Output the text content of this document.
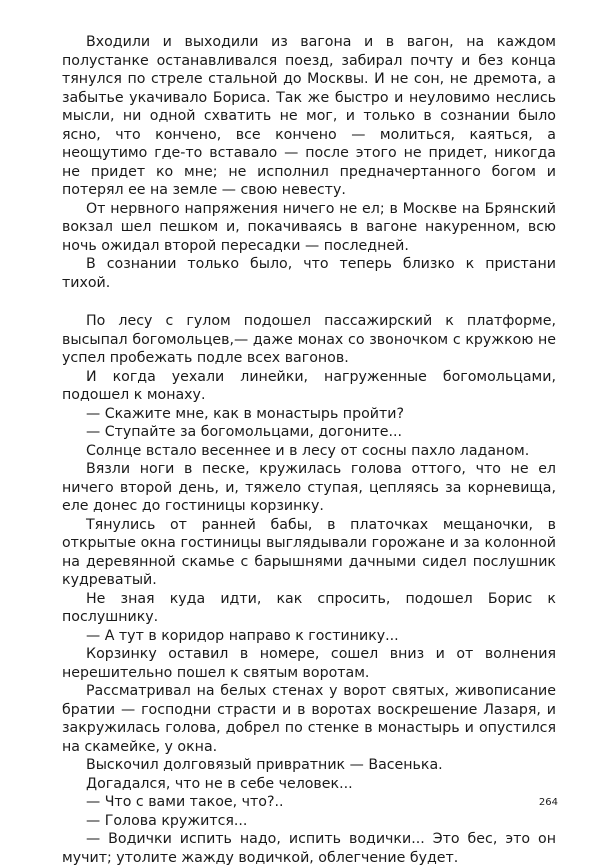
Входили и выходили из вагона и в вагон, на каждом полустанке останавливался поезд, забирал почту и без конца тянулся по стреле стальной до Москвы. И не сон, не дремота, а забытье укачивало Бориса. Так же быстро и неуловимо неслись мысли, ни одной схватить не мог, и только в сознании было ясно, что кончено, все кончено — молиться, каяться, а неощутимо где-то вставало — после этого не придет, никогда не придет ко мне; не исполнил предначертанного богом и потерял ее на земле — свою невесту.

От нервного напряжения ничего не ел; в Москве на Брянский вокзал шел пешком и, покачиваясь в вагоне накуренном, всю ночь ожидал второй пересадки — последней.

В сознании только было, что теперь близко к пристани тихой.

По лесу с гулом подошел пассажирский к платформе, высыпал богомольцев,— даже монах со звоночком с кружкою не успел пробежать подле всех вагонов.

И когда уехали линейки, нагруженные богомольцами, подошел к монаху.

— Скажите мне, как в монастырь пройти?

— Ступайте за богомольцами, догоните...

Солнце встало весеннее и в лесу от сосны пахло ладаном.

Вязли ноги в песке, кружилась голова оттого, что не ел ничего второй день, и, тяжело ступая, цепляясь за корневища, еле донес до гостиницы корзинку.

Тянулись от ранней бабы, в платочках мещаночки, в открытые окна гостиницы выглядывали горожане и за колонной на деревянной скамье с барышнями дачными сидел послушник кудреватый.

Не зная куда идти, как спросить, подошел Борис к послушнику.

— А тут в коридор направо к гостинику...

Корзинку оставил в номере, сошел вниз и от волнения нерешительно пошел к святым воротам.

Рассматривал на белых стенах у ворот святых, живописание братии — господни страсти и в воротах воскрешение Лазаря, и закружилась голова, добрел по стенке в монастырь и опустился на скамейке, у окна.

Выскочил долговязый привратник — Васенька.

Догадался, что не в себе человек...

— Что с вами такое, что?..

— Голова кружится...

— Водички испить надо, испить водички... Это бес, это он мучит; утолите жажду водичкой, облегчение будет.

264
